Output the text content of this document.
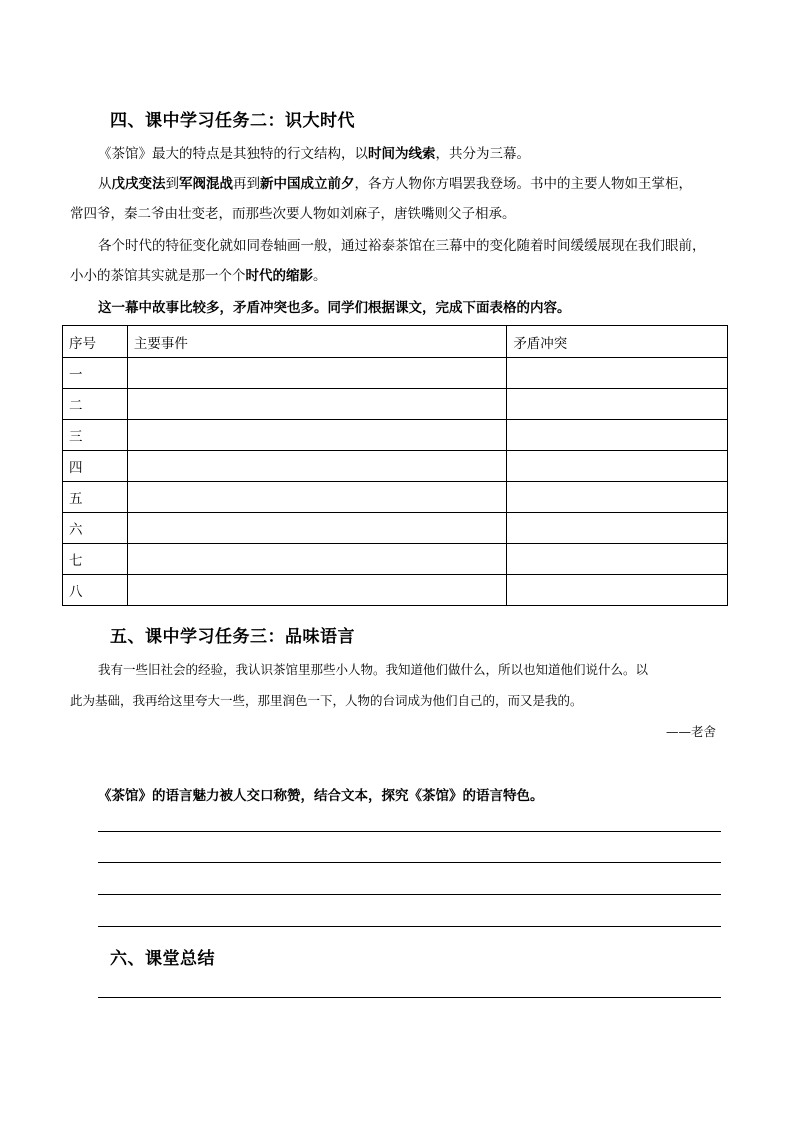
四、课中学习任务二：识大时代
《茶馆》最大的特点是其独特的行文结构，以时间为线索，共分为三幕。
从戊戌变法到军阀混战再到新中国成立前夕，各方人物你方唱罢我登场。书中的主要人物如王掌柜，
常四爷，秦二爷由壮变老，而那些次要人物如刘麻子，唐铁嘴则父子相承。
各个时代的特征变化就如同卷轴画一般，通过裕泰茶馆在三幕中的变化随着时间缓缓展现在我们眼前，
小小的茶馆其实就是那一个个时代的缩影。
这一幕中故事比较多，矛盾冲突也多。同学们根据课文，完成下面表格的内容。
序号	主要事件	矛盾冲突
一		
二		
三		
四		
五		
六		
七		
八		
五、课中学习任务三：品味语言
我有一些旧社会的经验，我认识茶馆里那些小人物。我知道他们做什么，所以也知道他们说什么。以
此为基础，我再给这里夸大一些，那里润色一下，人物的台词成为他们自己的，而又是我的。
——老舍
《茶馆》的语言魅力被人交口称赞，结合文本，探究《茶馆》的语言特色。
六、课堂总结
